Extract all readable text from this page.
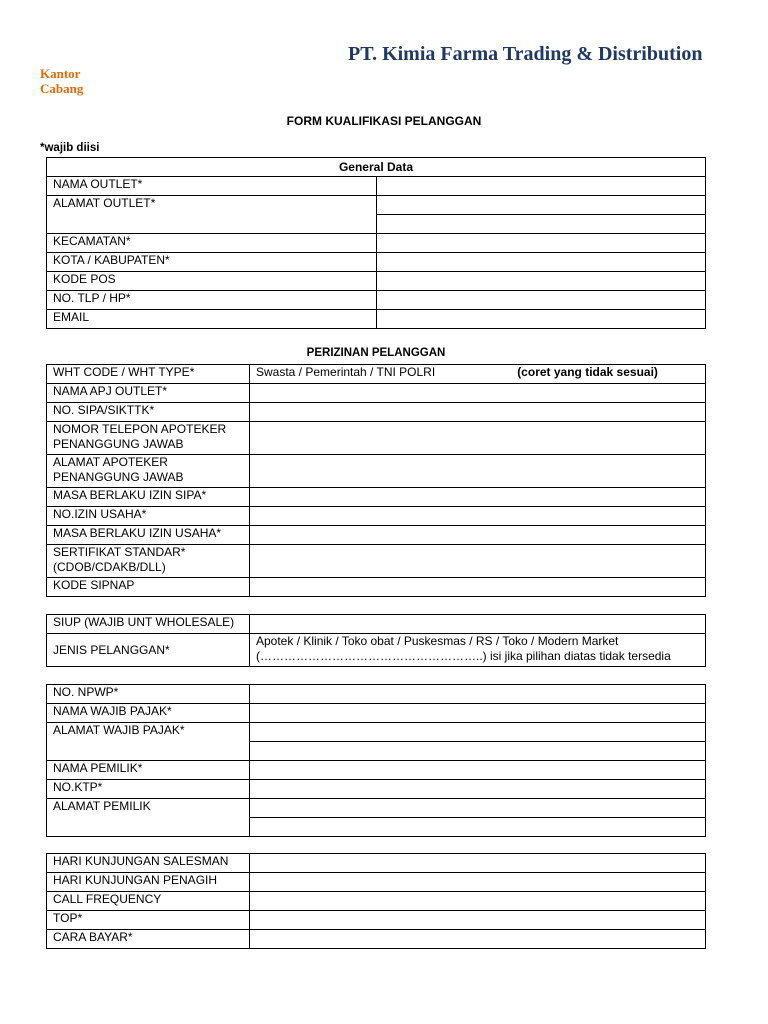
PT. Kimia Farma Trading & Distribution
Kantor
Cabang
FORM KUALIFIKASI PELANGGAN
*wajib diisi
General Data	
NAMA OUTLET*	
ALAMAT OUTLET*	

KECAMATAN*	
KOTA / KABUPATEN*	
KODE POS	
NO. TLP / HP*	
EMAIL	
PERIZINAN PELANGGAN
WHT CODE / WHT TYPE*	Swasta / Pemerintah / TNI POLRI (coret yang tidak sesuai)
NAMA APJ OUTLET*	
NO. SIPA/SIKTTK*	

NOMOR TELEPON APOTEKER
PENANGGUNG JAWAB	

ALAMAT APOTEKER
PENANGGUNG JAWAB	

MASA BERLAKU IZIN SIPA*	
NO.IZIN USAHA*	
MASA BERLAKU IZIN USAHA*	

SERTIFIKAT STANDAR*
(CDOB/CDAKB/DLL)	

KODE SIPNAP	
SIUP (WAJIB UNT WHOLESALE)	
JENIS PELANGGAN*	Apotek / Klinik / Toko obat / Puskesmas / RS / Toko / Modern Market
(………………………………………………..) isi jika pilihan diatas tidak tersedia
NO. NPWP*	
NAMA WAJIB PAJAK*	
ALAMAT WAJIB PAJAK*	

NAMA PEMILIK*	
NO.KTP*	
ALAMAT PEMILIK	

HARI KUNJUNGAN SALESMAN	
HARI KUNJUNGAN PENAGIH	
CALL FREQUENCY	
TOP*	
CARA BAYAR*	
